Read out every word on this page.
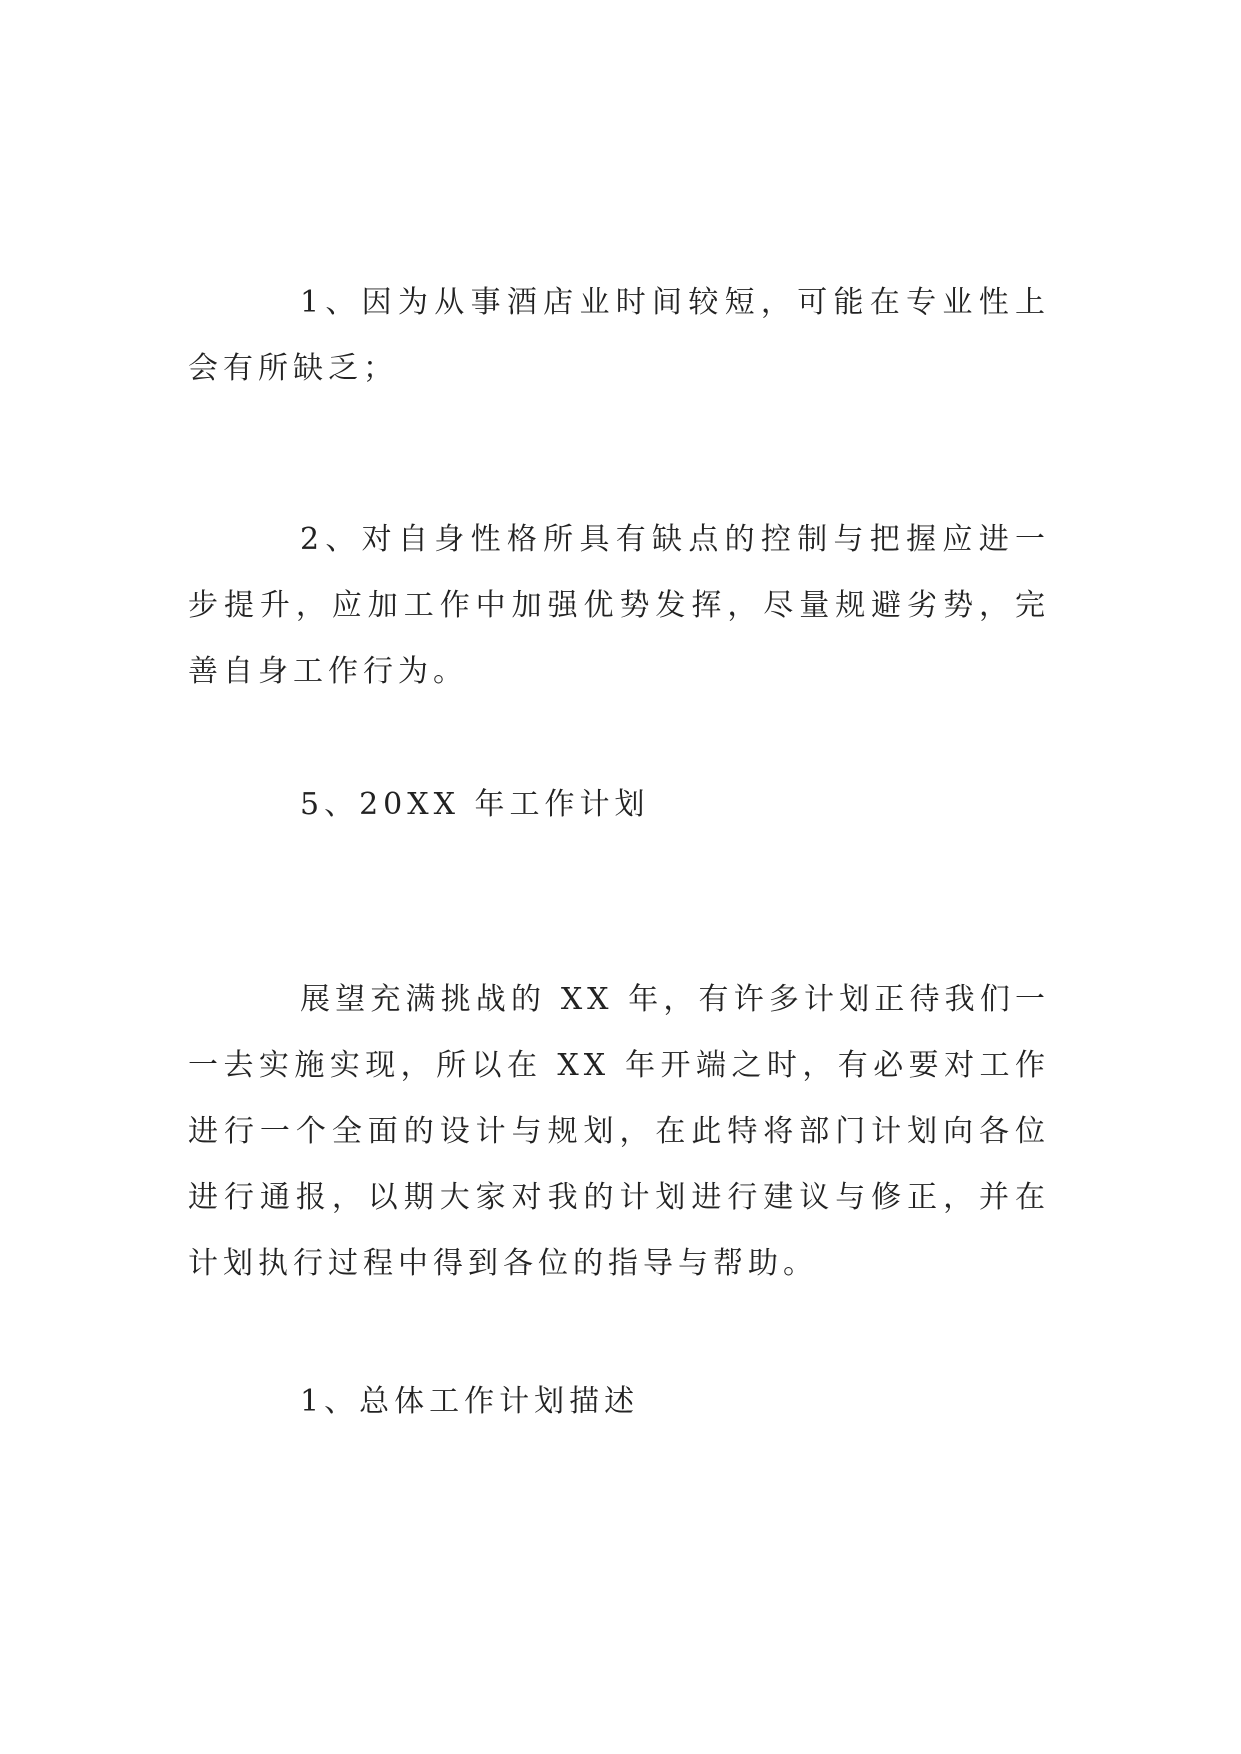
1、因为从事酒店业时间较短，可能在专业性上会有所缺乏；

2、对自身性格所具有缺点的控制与把握应进一步提升，应加工作中加强优势发挥，尽量规避劣势，完善自身工作行为。

5、20XX 年工作计划

展望充满挑战的 XX 年，有许多计划正待我们一一去实施实现，所以在 XX 年开端之时，有必要对工作进行一个全面的设计与规划，在此特将部门计划向各位进行通报，以期大家对我的计划进行建议与修正，并在计划执行过程中得到各位的指导与帮助。

1、总体工作计划描述
